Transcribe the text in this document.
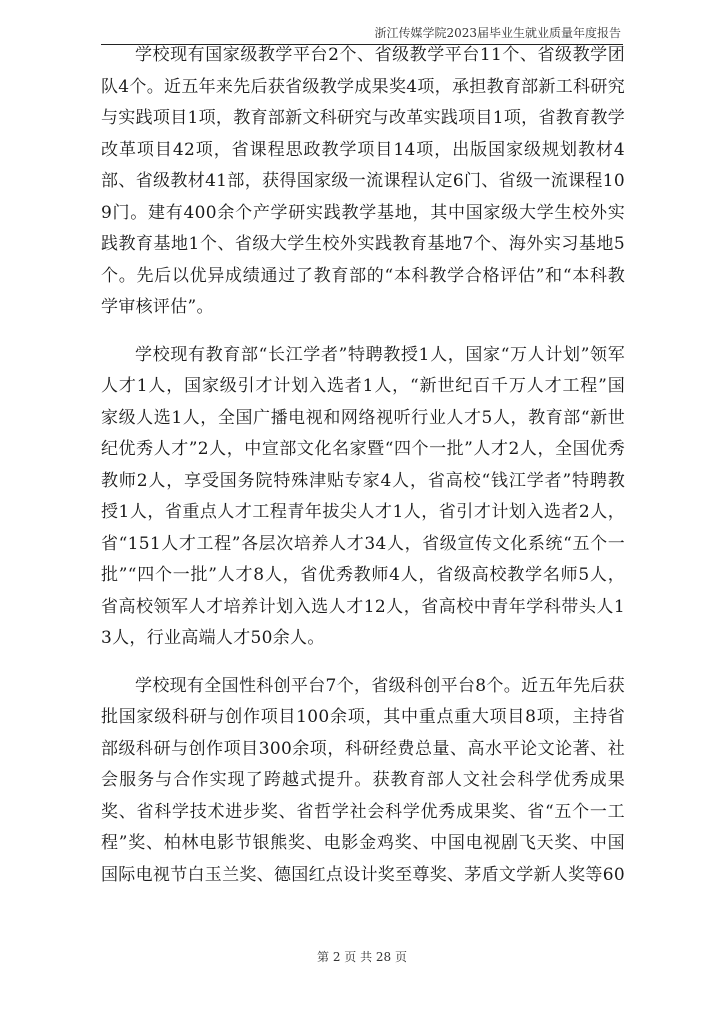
浙江传媒学院2023届毕业生就业质量年度报告

学校现有国家级教学平台2个、省级教学平台11个、省级教学团队4个。近五年来先后获省级教学成果奖4项，承担教育部新工科研究与实践项目1项，教育部新文科研究与改革实践项目1项，省教育教学改革项目42项，省课程思政教学项目14项，出版国家级规划教材4部、省级教材41部，获得国家级一流课程认定6门、省级一流课程109门。建有400余个产学研实践教学基地，其中国家级大学生校外实践教育基地1个、省级大学生校外实践教育基地7个、海外实习基地5个。先后以优异成绩通过了教育部的“本科教学合格评估”和“本科教学审核评估”。

学校现有教育部“长江学者”特聘教授1人，国家“万人计划”领军人才1人，国家级引才计划入选者1人，“新世纪百千万人才工程”国家级人选1人，全国广播电视和网络视听行业人才5人，教育部“新世纪优秀人才”2人，中宣部文化名家暨“四个一批”人才2人，全国优秀教师2人，享受国务院特殊津贴专家4人，省高校“钱江学者”特聘教授1人，省重点人才工程青年拔尖人才1人，省引才计划入选者2人，省“151人才工程”各层次培养人才34人，省级宣传文化系统“五个一批”“四个一批”人才8人，省优秀教师4人，省级高校教学名师5人，省高校领军人才培养计划入选人才12人，省高校中青年学科带头人13人，行业高端人才50余人。

学校现有全国性科创平台7个，省级科创平台8个。近五年先后获批国家级科研与创作项目100余项，其中重点重大项目8项，主持省部级科研与创作项目300余项，科研经费总量、高水平论文论著、社会服务与合作实现了跨越式提升。获教育部人文社会科学优秀成果奖、省科学技术进步奖、省哲学社会科学优秀成果奖、省“五个一工程”奖、柏林电影节银熊奖、电影金鸡奖、中国电视剧飞天奖、中国国际电视节白玉兰奖、德国红点设计奖至尊奖、茅盾文学新人奖等60

第 2 页 共 28 页
